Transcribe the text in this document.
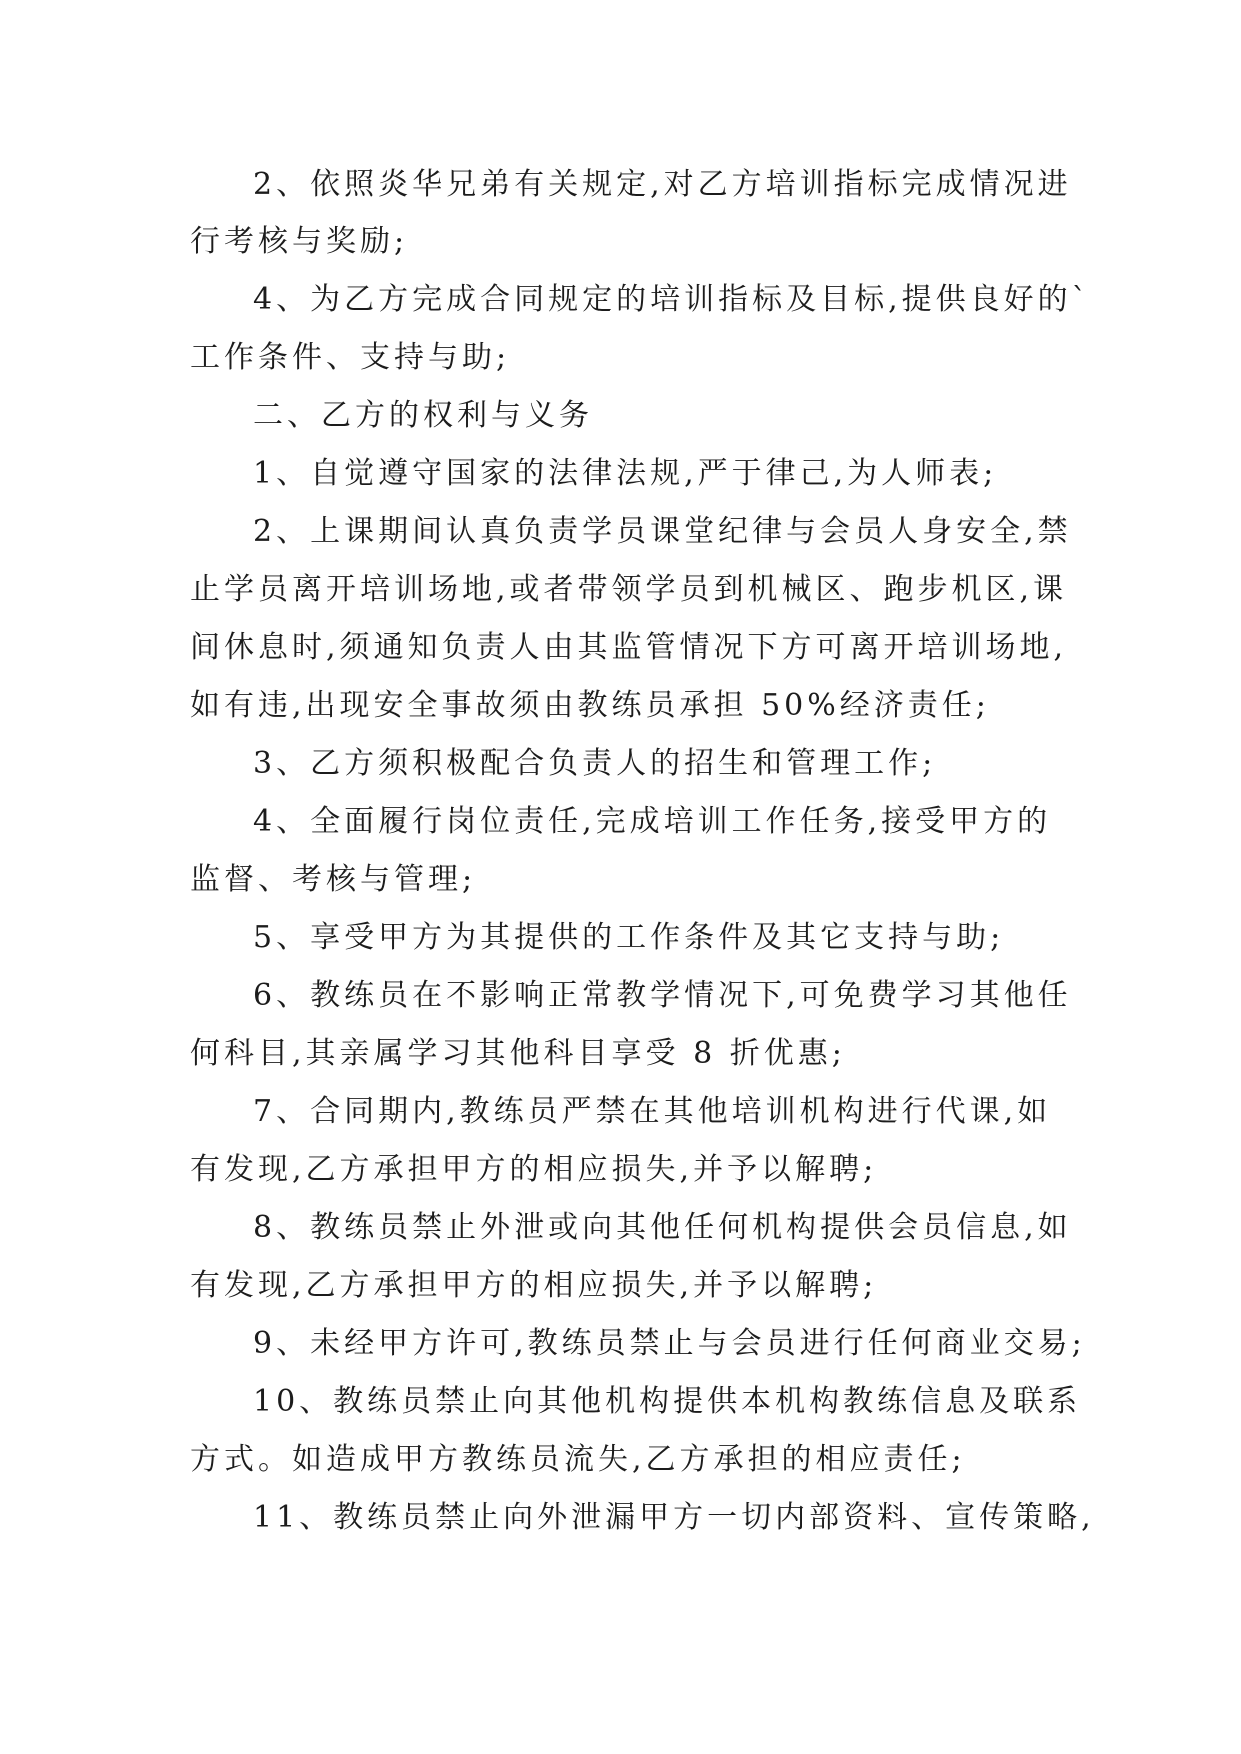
2、依照炎华兄弟有关规定,对乙方培训指标完成情况进
行考核与奖励;
4、为乙方完成合同规定的培训指标及目标,提供良好的`
工作条件、支持与助;
二、乙方的权利与义务
1、自觉遵守国家的法律法规,严于律己,为人师表;
2、上课期间认真负责学员课堂纪律与会员人身安全,禁
止学员离开培训场地,或者带领学员到机械区、跑步机区,课
间休息时,须通知负责人由其监管情况下方可离开培训场地,
如有违,出现安全事故须由教练员承担 50%经济责任;
3、乙方须积极配合负责人的招生和管理工作;
4、全面履行岗位责任,完成培训工作任务,接受甲方的
监督、考核与管理;
5、享受甲方为其提供的工作条件及其它支持与助;
6、教练员在不影响正常教学情况下,可免费学习其他任
何科目,其亲属学习其他科目享受 8 折优惠;
7、合同期内,教练员严禁在其他培训机构进行代课,如
有发现,乙方承担甲方的相应损失,并予以解聘;
8、教练员禁止外泄或向其他任何机构提供会员信息,如
有发现,乙方承担甲方的相应损失,并予以解聘;
9、未经甲方许可,教练员禁止与会员进行任何商业交易;
10、教练员禁止向其他机构提供本机构教练信息及联系
方式。如造成甲方教练员流失,乙方承担的相应责任;
11、教练员禁止向外泄漏甲方一切内部资料、宣传策略,
